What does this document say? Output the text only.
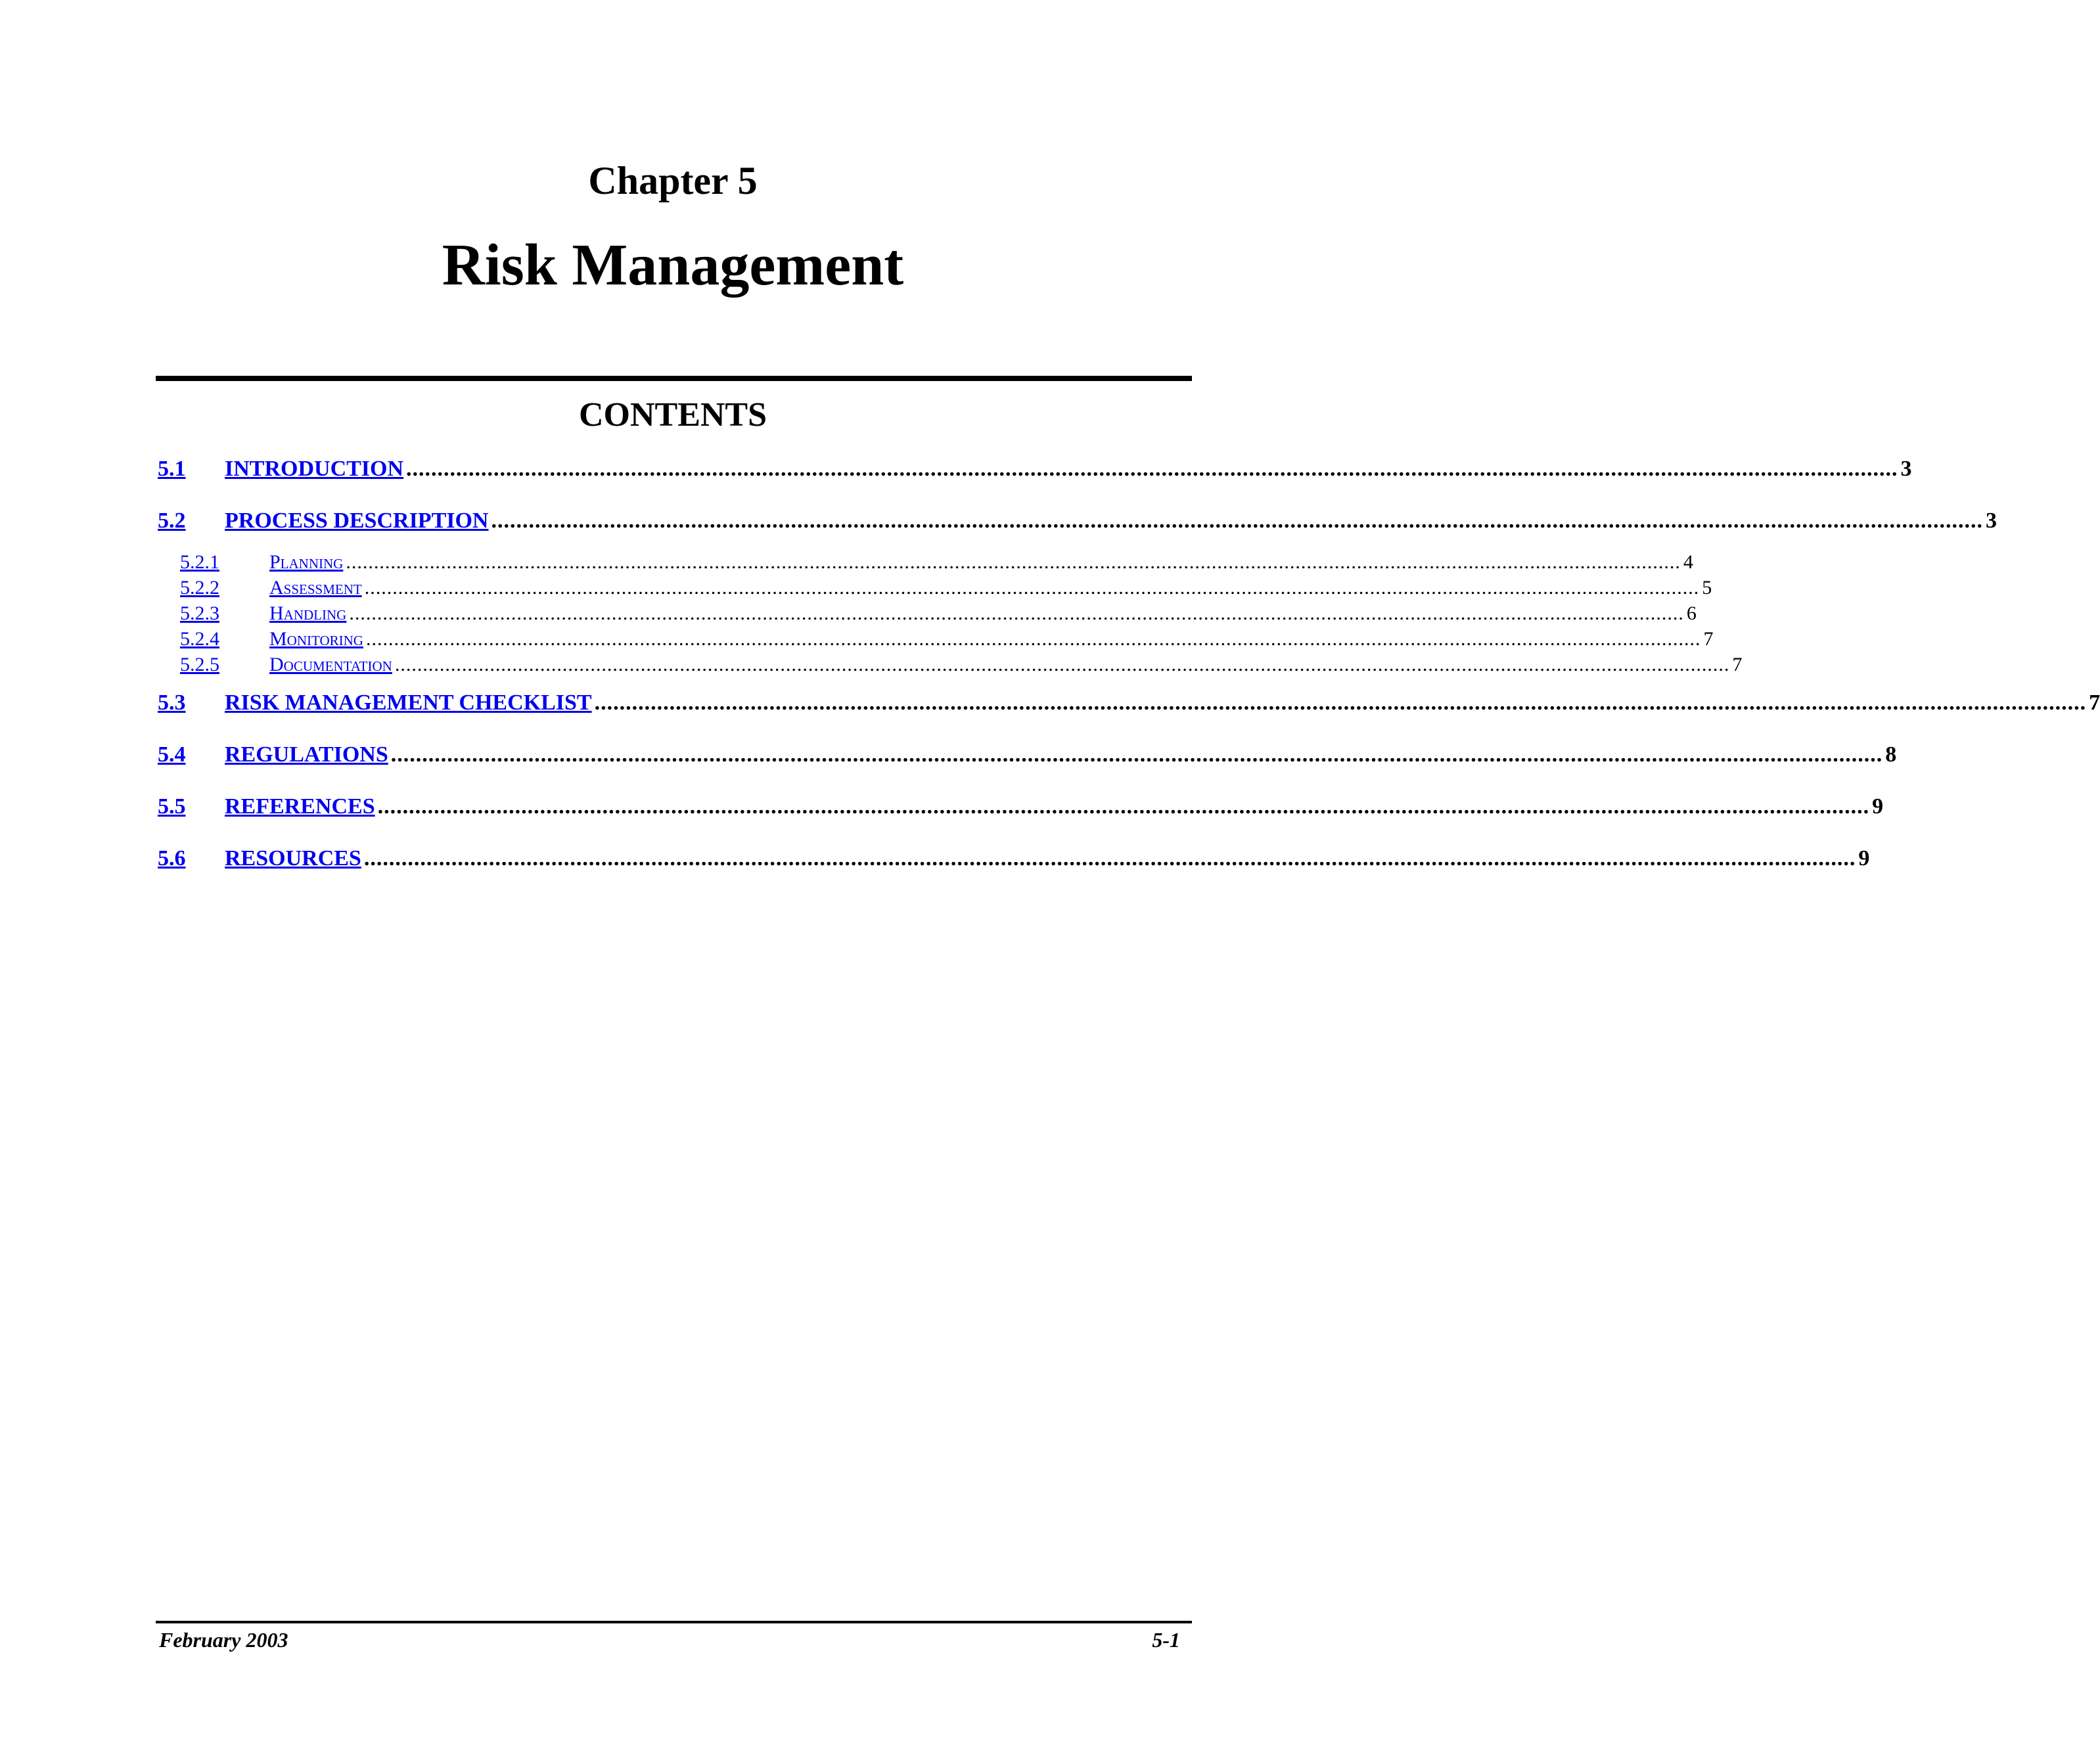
Chapter 5
Risk Management
CONTENTS
5.1	INTRODUCTION ............................................................................................................................................................................................................................................... 3
5.2	PROCESS DESCRIPTION ............................................................................................................................................................................................................................................... 3
5.2.1	Planning ............................................................................................................................................................................................................................................... 4
5.2.2	Assessment ............................................................................................................................................................................................................................................... 5
5.2.3	Handling ............................................................................................................................................................................................................................................... 6
5.2.4	Monitoring ............................................................................................................................................................................................................................................... 7
5.2.5	Documentation ............................................................................................................................................................................................................................................... 7
5.3	RISK MANAGEMENT CHECKLIST ............................................................................................................................................................................................................................................... 7
5.4	REGULATIONS ............................................................................................................................................................................................................................................... 8
5.5	REFERENCES ............................................................................................................................................................................................................................................... 9
5.6	RESOURCES ............................................................................................................................................................................................................................................... 9
February 2003	5-1
